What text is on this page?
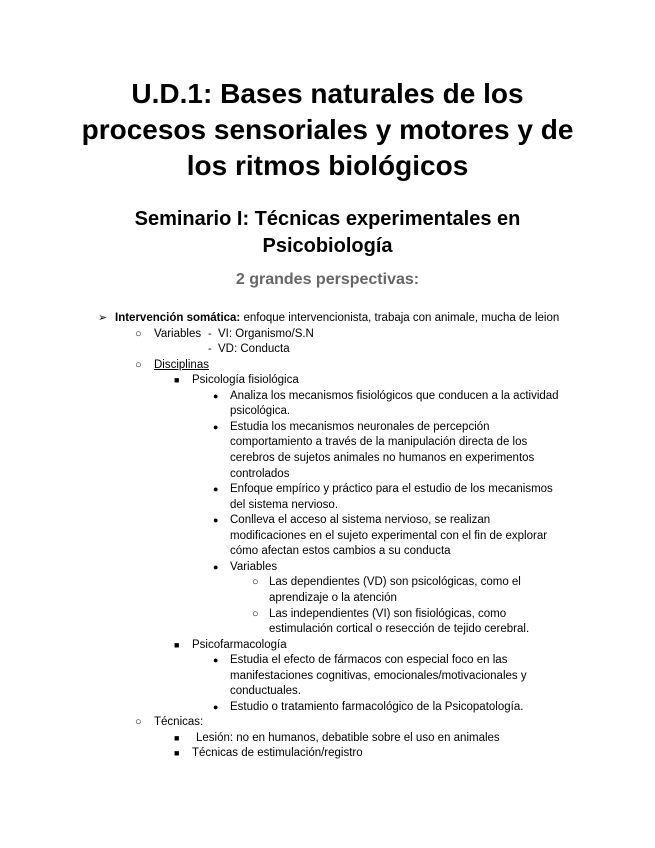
U.D.1: Bases naturales de los
procesos sensoriales y motores y de
los ritmos biológicos
Seminario I: Técnicas experimentales en
Psicobiología
2 grandes perspectivas:
➢ Intervención somática: enfoque intervencionista, trabaja con animale, mucha de leion
○ Variables - VI: Organismo/S.N
- VD: Conducta
○ Disciplinas
■ Psicología fisiológica
● Analiza los mecanismos fisiológicos que conducen a la actividad
psicológica.
● Estudia los mecanismos neuronales de percepción
comportamiento a través de la manipulación directa de los
cerebros de sujetos animales no humanos en experimentos
controlados
● Enfoque empírico y práctico para el estudio de los mecanismos
del sistema nervioso.
● Conlleva el acceso al sistema nervioso, se realizan
modificaciones en el sujeto experimental con el fin de explorar
cómo afectan estos cambios a su conducta
● Variables
○ Las dependientes (VD) son psicológicas, como el
aprendizaje o la atención
○ Las independientes (VI) son fisiológicas, como
estimulación cortical o resección de tejido cerebral.
■ Psicofarmacología
● Estudia el efecto de fármacos con especial foco en las
manifestaciones cognitivas, emocionales/motivacionales y
conductuales.
● Estudio o tratamiento farmacológico de la Psicopatología.
○ Técnicas:
■ Lesión: no en humanos, debatible sobre el uso en animales
■ Técnicas de estimulación/registro
